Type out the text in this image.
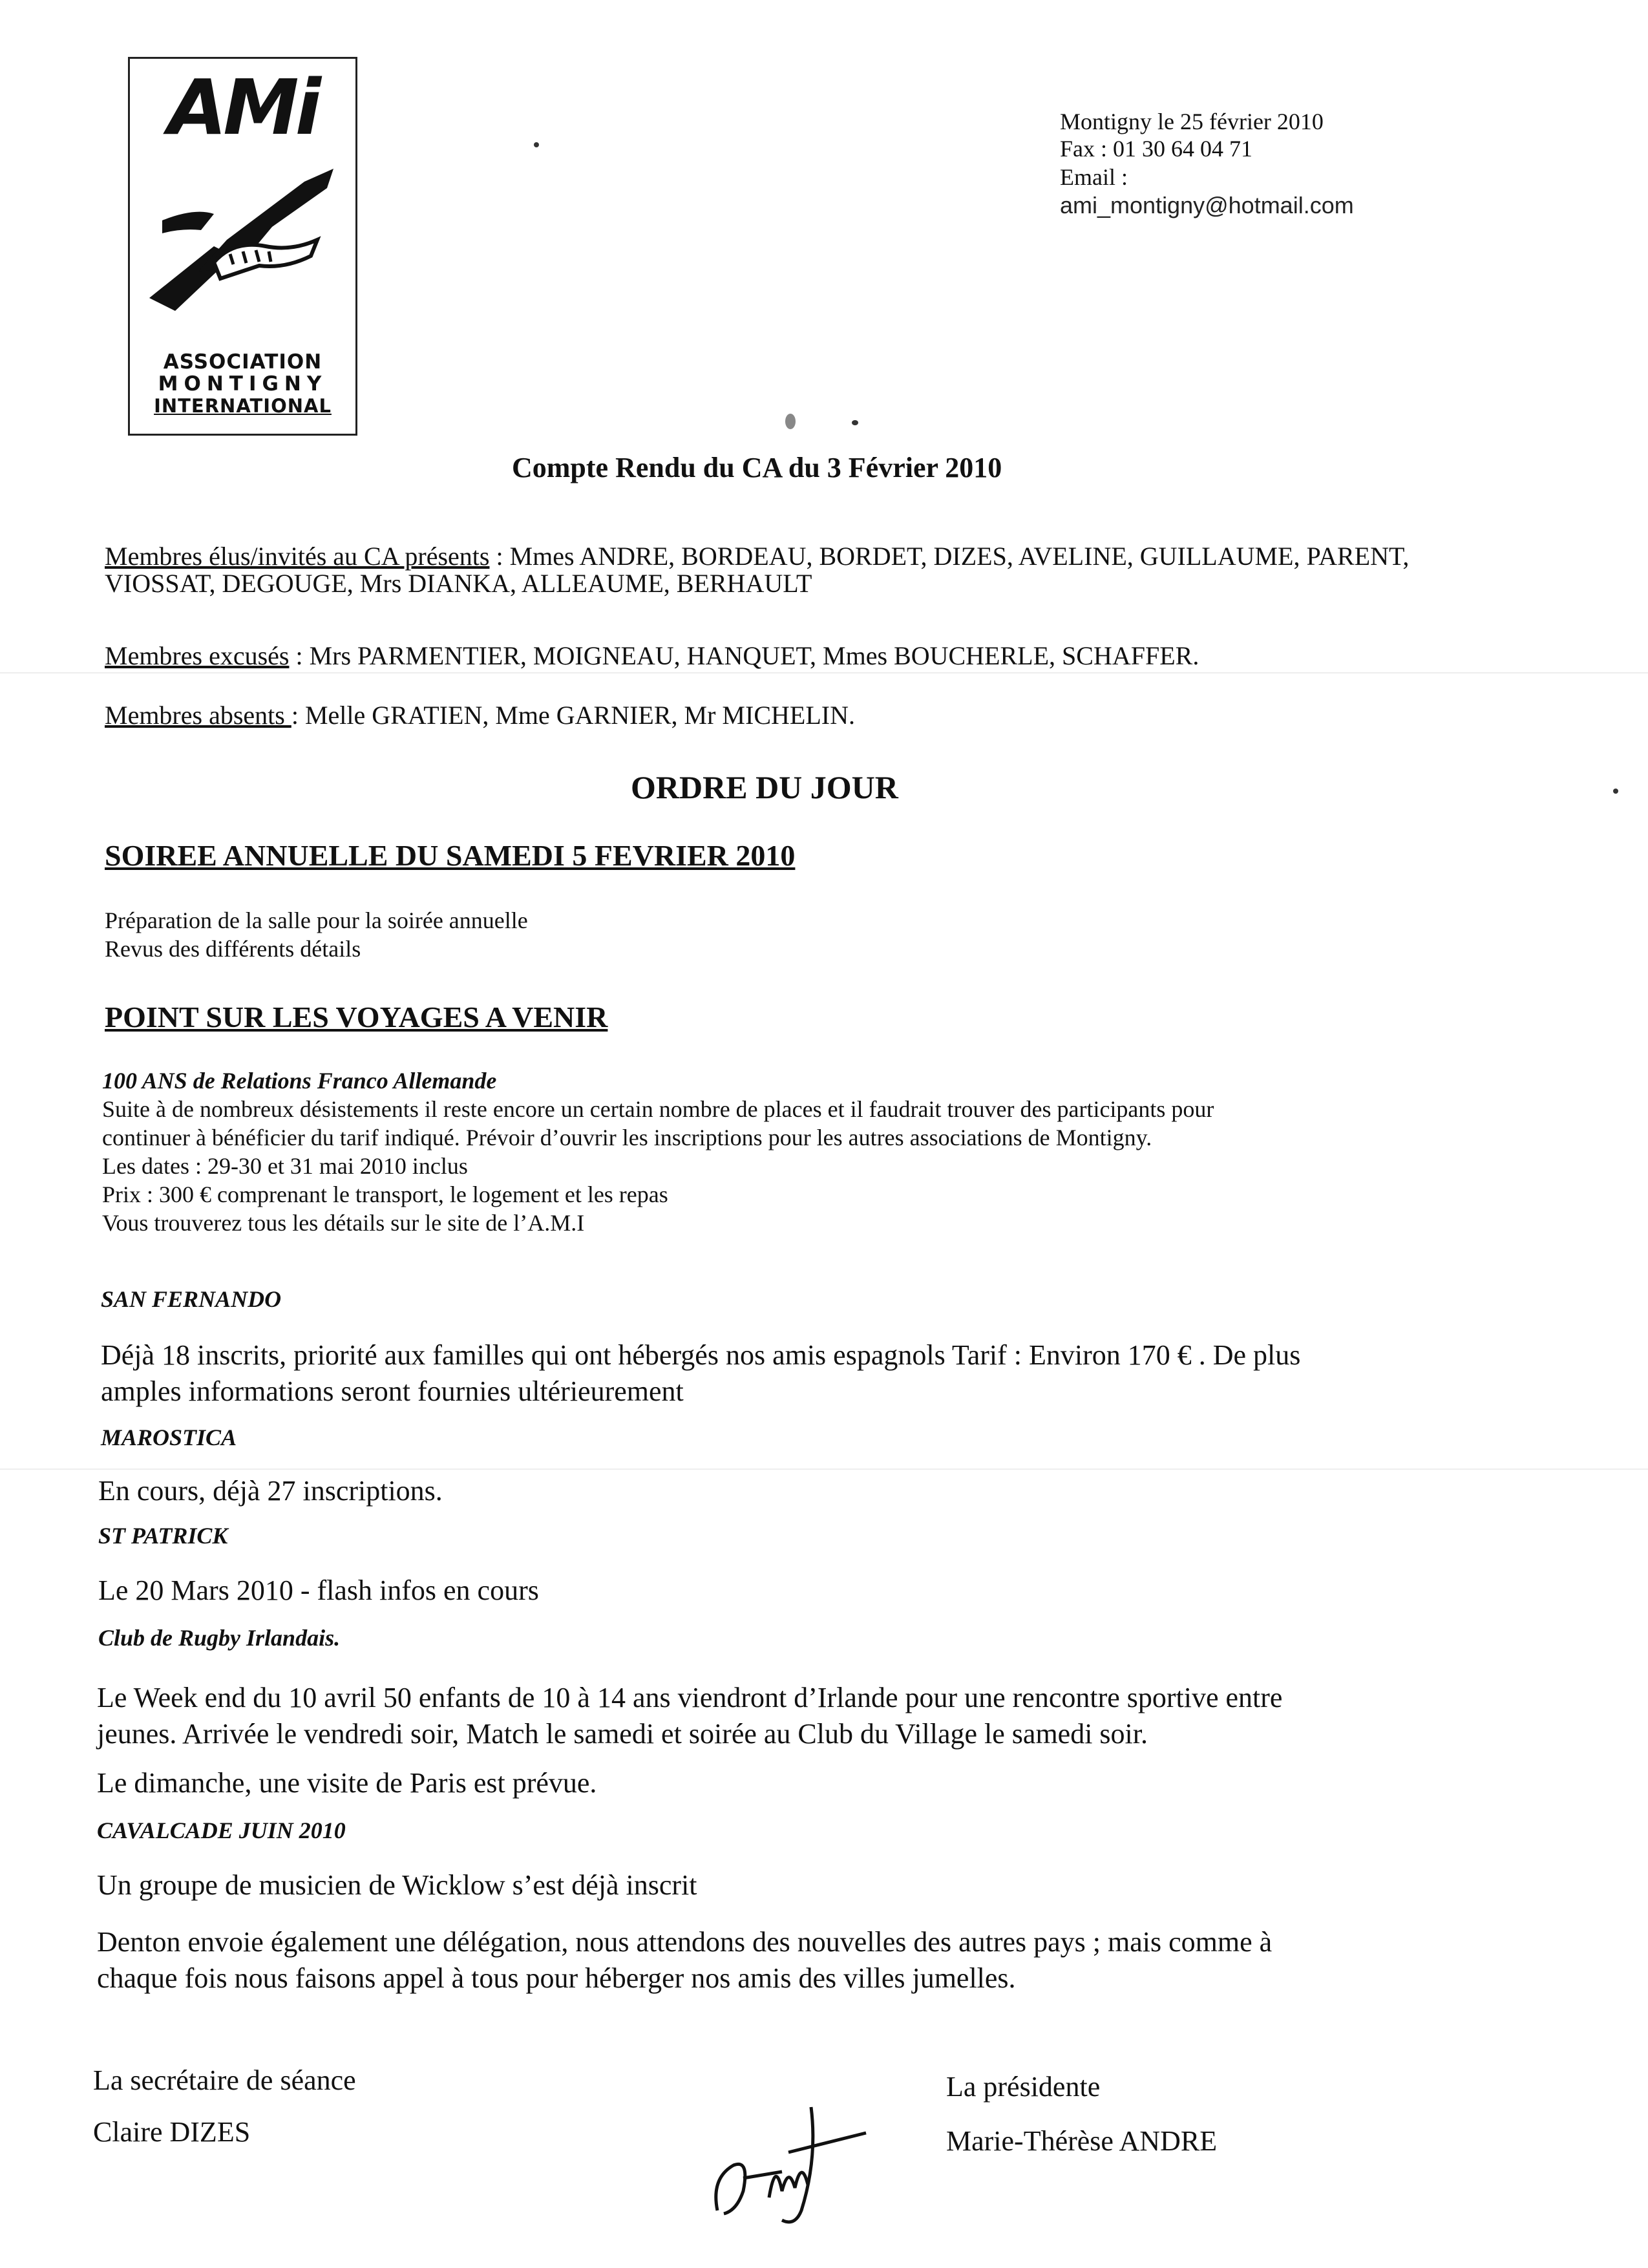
AMi
ASSOCIATION
MONTIGNY
INTERNATIONAL
Montigny le 25 février 2010
Fax : 01 30 64 04 71
Email :
ami_montigny@hotmail.com
Compte Rendu du CA du 3 Février 2010
Membres élus/invités au CA présents : Mmes ANDRE, BORDEAU, BORDET, DIZES, AVELINE, GUILLAUME, PARENT,
VIOSSAT, DEGOUGE, Mrs DIANKA, ALLEAUME, BERHAULT
Membres excusés : Mrs PARMENTIER, MOIGNEAU, HANQUET, Mmes BOUCHERLE, SCHAFFER.
Membres absents : Melle GRATIEN, Mme GARNIER, Mr MICHELIN.
ORDRE DU JOUR
SOIREE ANNUELLE DU SAMEDI 5 FEVRIER 2010
Préparation de la salle pour la soirée annuelle
Revus des différents détails
POINT SUR LES VOYAGES A VENIR
100 ANS de Relations Franco Allemande
Suite à de nombreux désistements il reste encore un certain nombre de places et il faudrait trouver des participants pour
continuer à bénéficier du tarif indiqué. Prévoir d’ouvrir les inscriptions pour les autres associations de Montigny.
Les dates : 29-30 et 31 mai 2010 inclus
Prix : 300 € comprenant le transport, le logement et les repas
Vous trouverez tous les détails sur le site de l’A.M.I
SAN FERNANDO
Déjà 18 inscrits, priorité aux familles qui ont hébergés nos amis espagnols Tarif : Environ 170 € . De plus
amples informations seront fournies ultérieurement
MAROSTICA
En cours, déjà 27 inscriptions.
ST PATRICK
Le 20 Mars 2010 - flash infos en cours
Club de Rugby Irlandais.
Le Week end du 10 avril 50 enfants de 10 à 14 ans viendront d’Irlande pour une rencontre sportive entre
jeunes. Arrivée le vendredi soir, Match le samedi et soirée au Club du Village le samedi soir.
Le dimanche, une visite de Paris est prévue.
CAVALCADE JUIN 2010
Un groupe de musicien de Wicklow s’est déjà inscrit
Denton envoie également une délégation, nous attendons des nouvelles des autres pays ; mais comme à
chaque fois nous faisons appel à tous pour héberger nos amis des villes jumelles.
La secrétaire de séance
Claire DIZES
La présidente
Marie-Thérèse ANDRE
